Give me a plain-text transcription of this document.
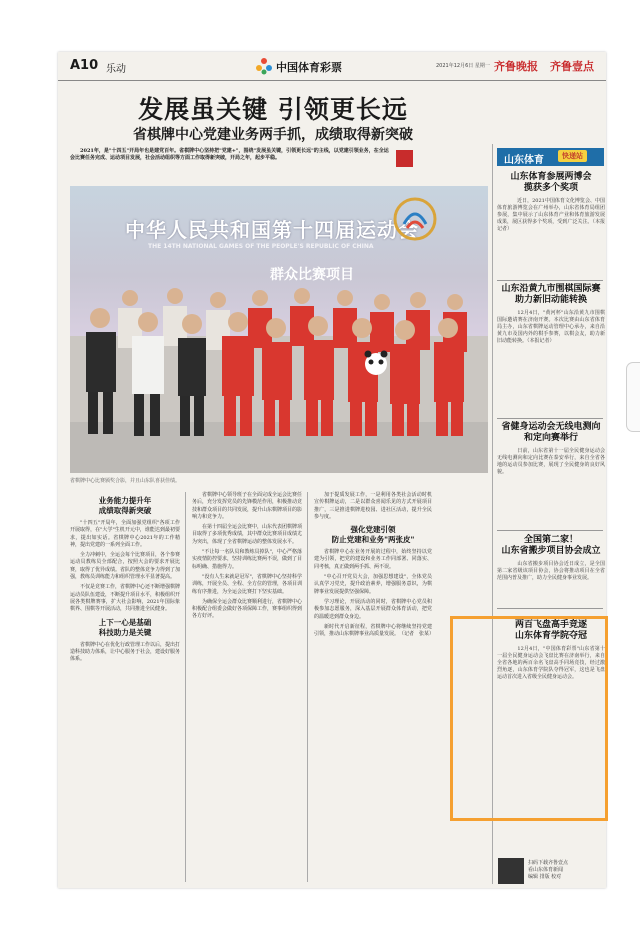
A10 乐动	中国体育彩票	2021年12月6日 星期一 齐鲁晚报 齐鲁壹点
发展虽关键 引领更长远
省棋牌中心党建业务两手抓，成绩取得新突破
　　2021年，是"十四五"开局年也是建党百年。省棋牌中心坚持把"党建+"，围绕"发展虽关键，引领更长远"的主线，以党建引领业务，在全运会比赛任务完成、运动项目发展，社会活动组织等方面工作取得新突破，开局之年，起步平稳。
中华人民共和国第十四届运动会
THE 14TH NATIONAL GAMES OF THE PEOPLE'S REPUBLIC OF CHINA
群众比赛项目
省棋牌中心比赛颁奖合影，并且山东队喜获佳绩。
业务能力提升年
成绩取得新突破

"十四五"开局年，全面加强党组织"各项工作开展取得，在"大学"生机开元中，谁能达到最初要求，提出如实话。省棋牌中心2021年的工作精神，提出党建的一系列全面工作。

全力冲刺中，全运会每个比赛项目，各个参赛运动员教练员全部配合，按照大会的要求开展比赛，取得了优异成绩。省队的整体竞争力得到了加强，教练员训练能力和组织管理水平显著提高。

不仅是竞赛工作，省棋牌中心还不断增强棋牌运动员队伍建设，不断提升项目水平，积极组织开展各类棋牌赛事，扩大社会影响，2021年国际象棋界、围棋等开展活动，共同推进全民健身。

上下一心是基础
科技助力是关键

省棋牌中心在优化行政管理工作以后，提出打造科技助力体系，让中心服务于社会，建设好服务体系。

省棋牌中心领导班子在全面完成全运会比赛任务后，充分发挥党员的先锋模范作用，积极推动竞技和群众项目的共同发展，提升山东棋牌项目的影响力和竞争力。

在第十四届全运会比赛中，山东代表团棋牌项目取得了多项优秀成绩，其中群众比赛项目成绩尤为突出，体现了全省棋牌运动的整体发展水平。

"不让每一名队员和教练员掉队"，中心严格落实疫情防控要求，坚持训练比赛两不误，做到了目标明确、措施得力。

"没有人生来就是冠军"，省棋牌中心坚持科学训练，开展全员、全程、全方位的管理，各项目训练有序推进，为全运会比赛打下坚实基础。

为确保全运会群众比赛顺利进行，省棋牌中心积极配合组委会做好各项保障工作，赛事组织得到各方好评。

加于提质发展工作，一是利用各类社会活动时机宣传棋牌运动，二是以群众喜闻乐见的方式开展项目推广，三是推进棋牌进校园、进社区活动，提升全民参与度。

强化党建引领
防止党建和业务"两张皮"

省棋牌中心在业务开展的过程中，始终坚持以党建为引领，把党的建设和业务工作同部署、同落实、同考核，真正做到两手抓、两不误。

"中心召开党员大会，加强思想建设"，全体党员认真学习党史，提升政治素养，增强服务意识，为棋牌事业发展提供坚强保障。

学习理论，开展活动的同时，省棋牌中心党员积极参加志愿服务，深入基层开展群众体育活动，把党的温暖送到群众身边。

新时代开启新征程，省棋牌中心将继续坚持党建引领，推动山东棋牌事业高质量发展。　（记者　张某）

山东体育	快递站
山东体育参展两博会
揽获多个奖项

　　近日，2021中国体育文化博览会、中国体育旅游博览会在广州举办，山东省体育局组团参展，集中展示了山东体育产业和体育旅游发展成果，展区获得多个奖项，受到广泛关注。（本报记者）

山东沿黄九市围棋国际赛
助力新旧动能转换

　　12月4日，"黄河杯"山东沿黄九市围棋国际邀请赛在济南开赛。本次比赛由山东省体育局主办，山东省棋牌运动管理中心承办，来自沿黄九市及国内外的棋手参赛，以棋会友，助力新旧动能转换。（本报记者）

省健身运动会无线电测向
和定向赛举行

　　日前，山东省第十一届全民健身运动会无线电测向和定向比赛在泰安举行，来自全省各地的运动员参加比赛，展现了全民健身的良好风貌。

全国第二家！
山东省搬步项目协会成立

　　山东省搬步项目协会近日成立，是全国第二家省级该项目协会，协会将推动项目在全省范围内普及推广，助力全民健身事业发展。

两百飞盘高手竞逐
山东体育学院夺冠

　　12月4日，"中国体育彩票"山东省第十一届全民健身运动会飞盘比赛在济南举行，来自全省各地的两百余名飞盘高手同场竞技，经过激烈角逐，山东体育学院队夺得冠军，这也是飞盘运动首次进入省级全民健身运动会。

扫码下载齐鲁壹点
看山东体育新闻
编辑 排版 校对
